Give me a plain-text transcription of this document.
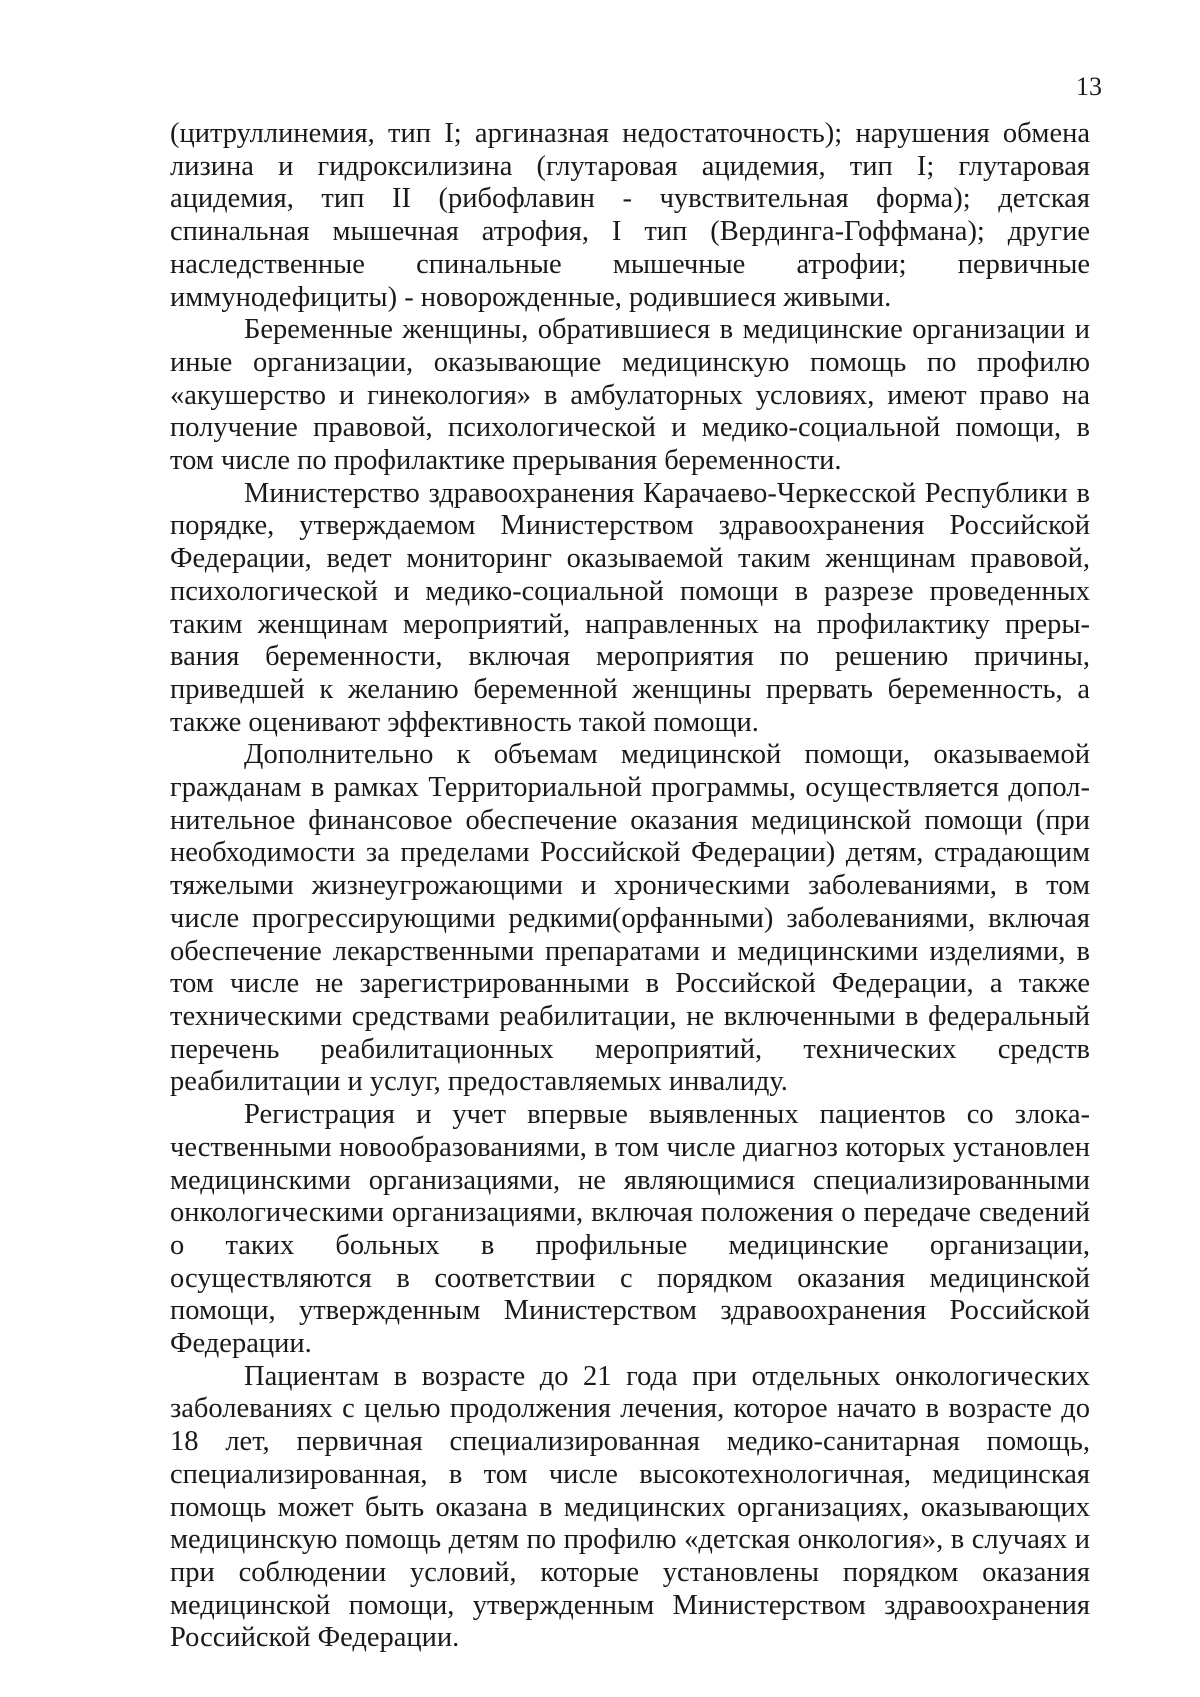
13

(цитруллинемия, тип I; аргиназная недостаточность); нарушения обмена лизина и гидроксилизина (глутаровая ацидемия, тип I; глутаровая ацидемия, тип II (рибофлавин - чувствительная форма); детская спинальная мышечная атрофия, I тип (Вердинга-Гоффмана); другие наследственные спинальные мышечные атрофии; первичные иммунодефициты) - новорожденные, родившиеся живыми.

Беременные женщины, обратившиеся в медицинские организации и иные организации, оказывающие медицинскую помощь по профилю «акушерство и гинекология» в амбулаторных условиях, имеют право на получение правовой, психологической и медико-социальной помощи, в том числе по профилактике прерывания беременности.

Министерство здравоохранения Карачаево-Черкесской Республики в порядке, утверждаемом Министерством здравоохранения Российской Федерации, ведет мониторинг оказываемой таким женщинам правовой, психологической и медико-социальной помощи в разрезе проведенных таким женщинам мероприятий, направленных на профилактику прерывания беременности, включая мероприятия по решению причины, приведшей к желанию беременной женщины прервать беременность, а также оценивают эффективность такой помощи.

Дополнительно к объемам медицинской помощи, оказываемой гражданам в рамках Территориальной программы, осуществляется дополнительное финансовое обеспечение оказания медицинской помощи (при необходимости за пределами Российской Федерации) детям, страдающим тяжелыми жизнеугрожающими и хроническими заболеваниями, в том числе прогрессирующими редкими(орфанными) заболеваниями, включая обеспечение лекарственными препаратами и медицинскими изделиями, в том числе не зарегистрированными в Российской Федерации, а также техническими средствами реабилитации, не включенными в федеральный перечень реабилитационных мероприятий, технических средств реабилитации и услуг, предоставляемых инвалиду.

Регистрация и учет впервые выявленных пациентов со злокачественными новообразованиями, в том числе диагноз которых установлен медицинскими организациями, не являющимися специализированными онкологическими организациями, включая положения о передаче сведений о таких больных в профильные медицинские организации, осуществляются в соответствии с порядком оказания медицинской помощи, утвержденным Министерством здравоохранения Российской Федерации.

Пациентам в возрасте до 21 года при отдельных онкологических заболеваниях с целью продолжения лечения, которое начато в возрасте до 18 лет, первичная специализированная медико-санитарная помощь, специализированная, в том числе высокотехнологичная, медицинская помощь может быть оказана в медицинских организациях, оказывающих медицинскую помощь детям по профилю «детская онкология», в случаях и при соблюдении условий, которые установлены порядком оказания медицинской помощи, утвержденным Министерством здравоохранения Российской Федерации.
